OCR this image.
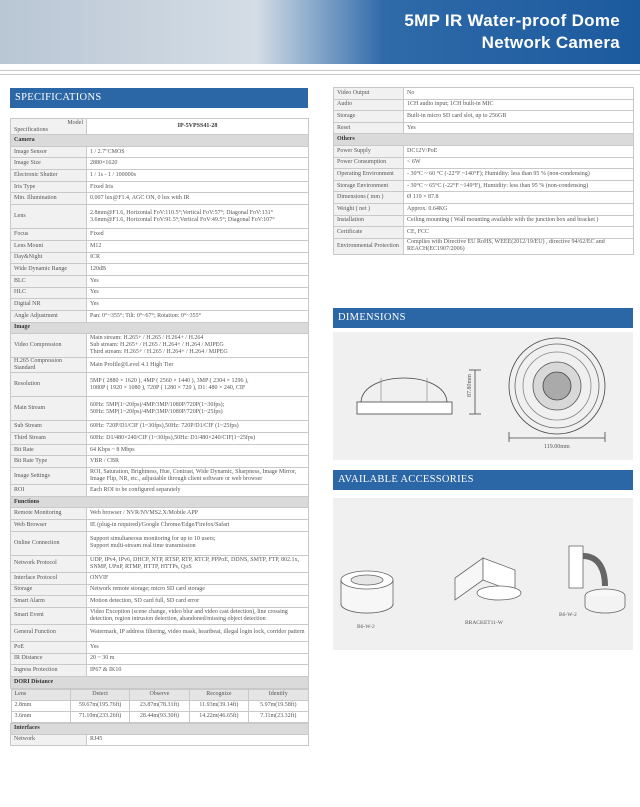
5MP IR Water-proof Dome
Network Camera
SPECIFICATIONS
Model
Specifications
	IP-5VPSS41-28
Camera
Image Sensor	1 / 2.7"CMOS
Image Size	2880×1620
Electronic Shutter	1 / 1s - 1 / 100000s
Iris Type	Fixed Iris
Min. Illumination	0.007 lux@F1.4, AGC ON, 0 lux with IR
Lens	2.8mm@F1.6, Horizontal FoV:110.5°;Vertical FoV:57°; Diagonal FoV:131°
3.6mm@F1.6, Horizontal FoV:91.5°;Vertical FoV:49.5°; Diagonal FoV:107°
Focus	Fixed
Lens Mount	M12
Day&Night	ICR
Wide Dynamic Range	120dB
BLC	Yes
HLC	Yes
Digital NR	Yes
Angle Adjustment	Pan: 0°~355°; Tilt: 0°~67°; Rotation: 0°~355°
Image
Video Compression	Main stream: H.265+ / H.265 / H.264+ / H.264
Sub stream: H.265+ / H.265 / H.264+ / H.264 / MJPEG
Third stream: H.265+ / H.265 / H.264+ / H.264 / MJPEG
H.265 Compression Standard	Main Profile@Level 4.1 High Tier
Resolution	5MP ( 2880 × 1620 ), 4MP ( 2560 × 1440 ), 3MP ( 2304 × 1296 ),
1080P ( 1920 × 1080 ), 720P ( 1280 × 720 ), D1: 480 × 240, CIF
Main Stream	60Hz: 5MP(1~20fps)/4MP/3MP/1080P/720P(1~30fps);
50Hz: 5MP(1~20fps)/4MP/3MP/1080P/720P(1~25fps)
Sub Stream	60Hz: 720P/D1/CIF (1~30fps),50Hz: 720P/D1/CIF (1~25fps)
Third Stream	60Hz: D1/480×240/CIF (1~30fps),50Hz: D1/480×240/CIF(1~25fps)
Bit Rate	64 Kbps ~ 8 Mbps
Bit Rate Type	VBR / CBR
Image Settings	ROI, Saturation, Brightness, Hue, Contrast, Wide Dynamic, Sharpness, Image Mirror, Image Flip, NR, etc., adjustable through client software or web browser
ROI	Each ROI to be configured separately
Functions
Remote Monitoring	Web browser / NVR/NVMS2.X/Mobile APP
Web Browser	IE (plug-in required)/Google Chrome/Edge/Firefox/Safari
Online Connection	Support simultaneous monitoring for up to 10 users;
Support multi-stream real time transmission
Network Protocol	UDP, IPv4, IPv6, DHCP, NTP, RTSP, RTP, RTCP, PPPoE, DDNS, SMTP, FTP, 802.1x, SNMP, UPnP, RTMP, HTTP, HTTPs, QoS
Interface Protocol	ONVIF
Storage	Network remote storage; micro SD card storage
Smart Alarm	Motion detection, SD card full, SD card error
Smart Event	Video Exception (scene change, video blur and video cast detection), line crossing detection, region intrusion detection, abandoned/missing object detection
General Function	Watermark, IP address filtering, video mask, heartbeat, illegal login lock, corridor pattern
PoE	Yes
IR Distance	20 ~ 30 m
Ingress Protection	IP67 & IK10
DORI Distance

Lens	Detect	Observe	Recognize	Identify
2.8mm	59.67m(195.76ft)	23.87m(78.31ft)	11.93m(39.14ft)	5.97m(19.58ft)
3.6mm	71.10m(233.26ft)	28.44m(93.30ft)	14.22m(46.65ft)	7.11m(23.32ft)

Interfaces
Network	RJ45
Video Output	No
Audio	1CH audio input; 1CH built-in MIC
Storage	Built-in micro SD card slot, up to 256GB
Reset	Yes
Others	
Power Supply	DC12V/PoE
Power Consumption	< 6W
Operating Environment	- 30°C ~ 60 °C (-22°F ~140°F); Humidity: less than 95 % (non-condensing)
Storage Environment	- 30°C ~ 65°C (-22°F ~149°F), Humidity: less than 95 % (non-condensing)
Dimensions ( mm )	Ø 119 × 87.8
Weight ( net )	Approx. 0.64KG
Installation	Ceiling mounting ( Wall mounting available with the junction box and bracket )
Certificate	CE, FCC
Environmental Protection	Complies with Directive EU RoHS, WEEE(2012/19/EU) , directive 94/62/EC and REACH(EC1907/2006)
DIMENSIONS
87.80mm
119.00mm
AVAILABLE ACCESSORIES
B6-W-2
BRACKET11-W
B6-W-2
